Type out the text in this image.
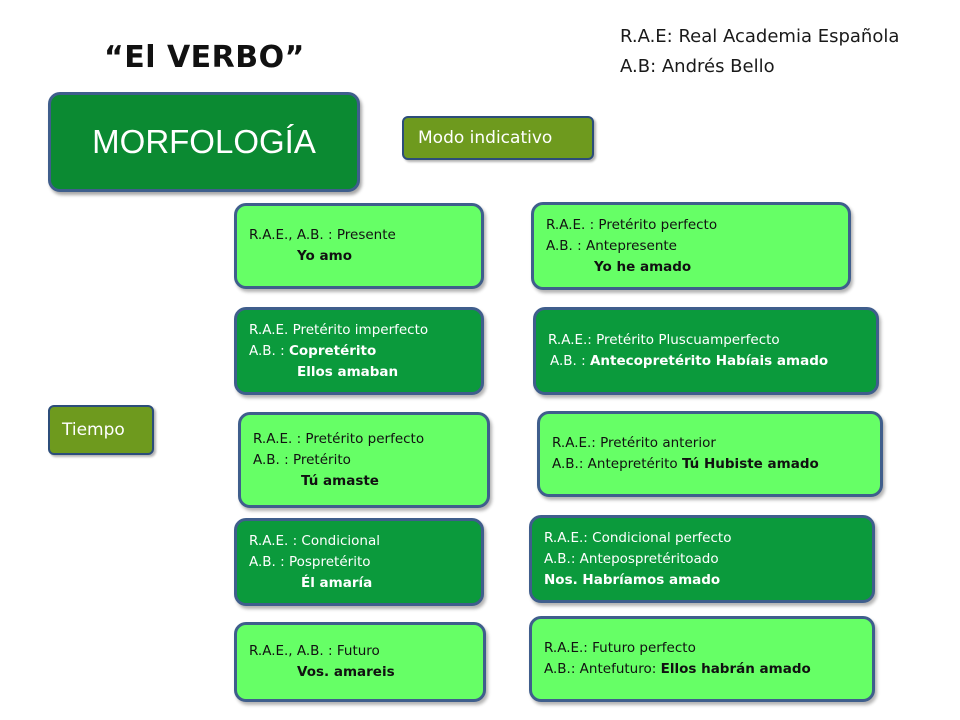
“El VERBO”
R.A.E: Real Academia Española
A.B: Andrés Bello
MORFOLOGÍA	Modo indicativo
Tiempo
R.A.E., A.B. : Presente
Yo amo
R.A.E. Pretérito imperfecto
A.B. : Copretérito
Ellos amaban
R.A.E. : Pretérito perfecto
A.B. : Pretérito
Tú amaste
R.A.E. : Condicional
A.B. : Pospretérito
Él amaría
R.A.E., A.B. : Futuro
Vos. amareis
R.A.E. : Pretérito perfecto
A.B. : Antepresente
Yo he amado
R.A.E.: Pretérito Pluscuamperfecto
A.B. : Antecopretérito Habíais amado
R.A.E.: Pretérito anterior
A.B.: Antepretérito Tú Hubiste amado
R.A.E.: Condicional perfecto
A.B.: Antepospretéritoado
Nos. Habríamos amado
R.A.E.: Futuro perfecto
A.B.: Antefuturo: Ellos habrán amado
